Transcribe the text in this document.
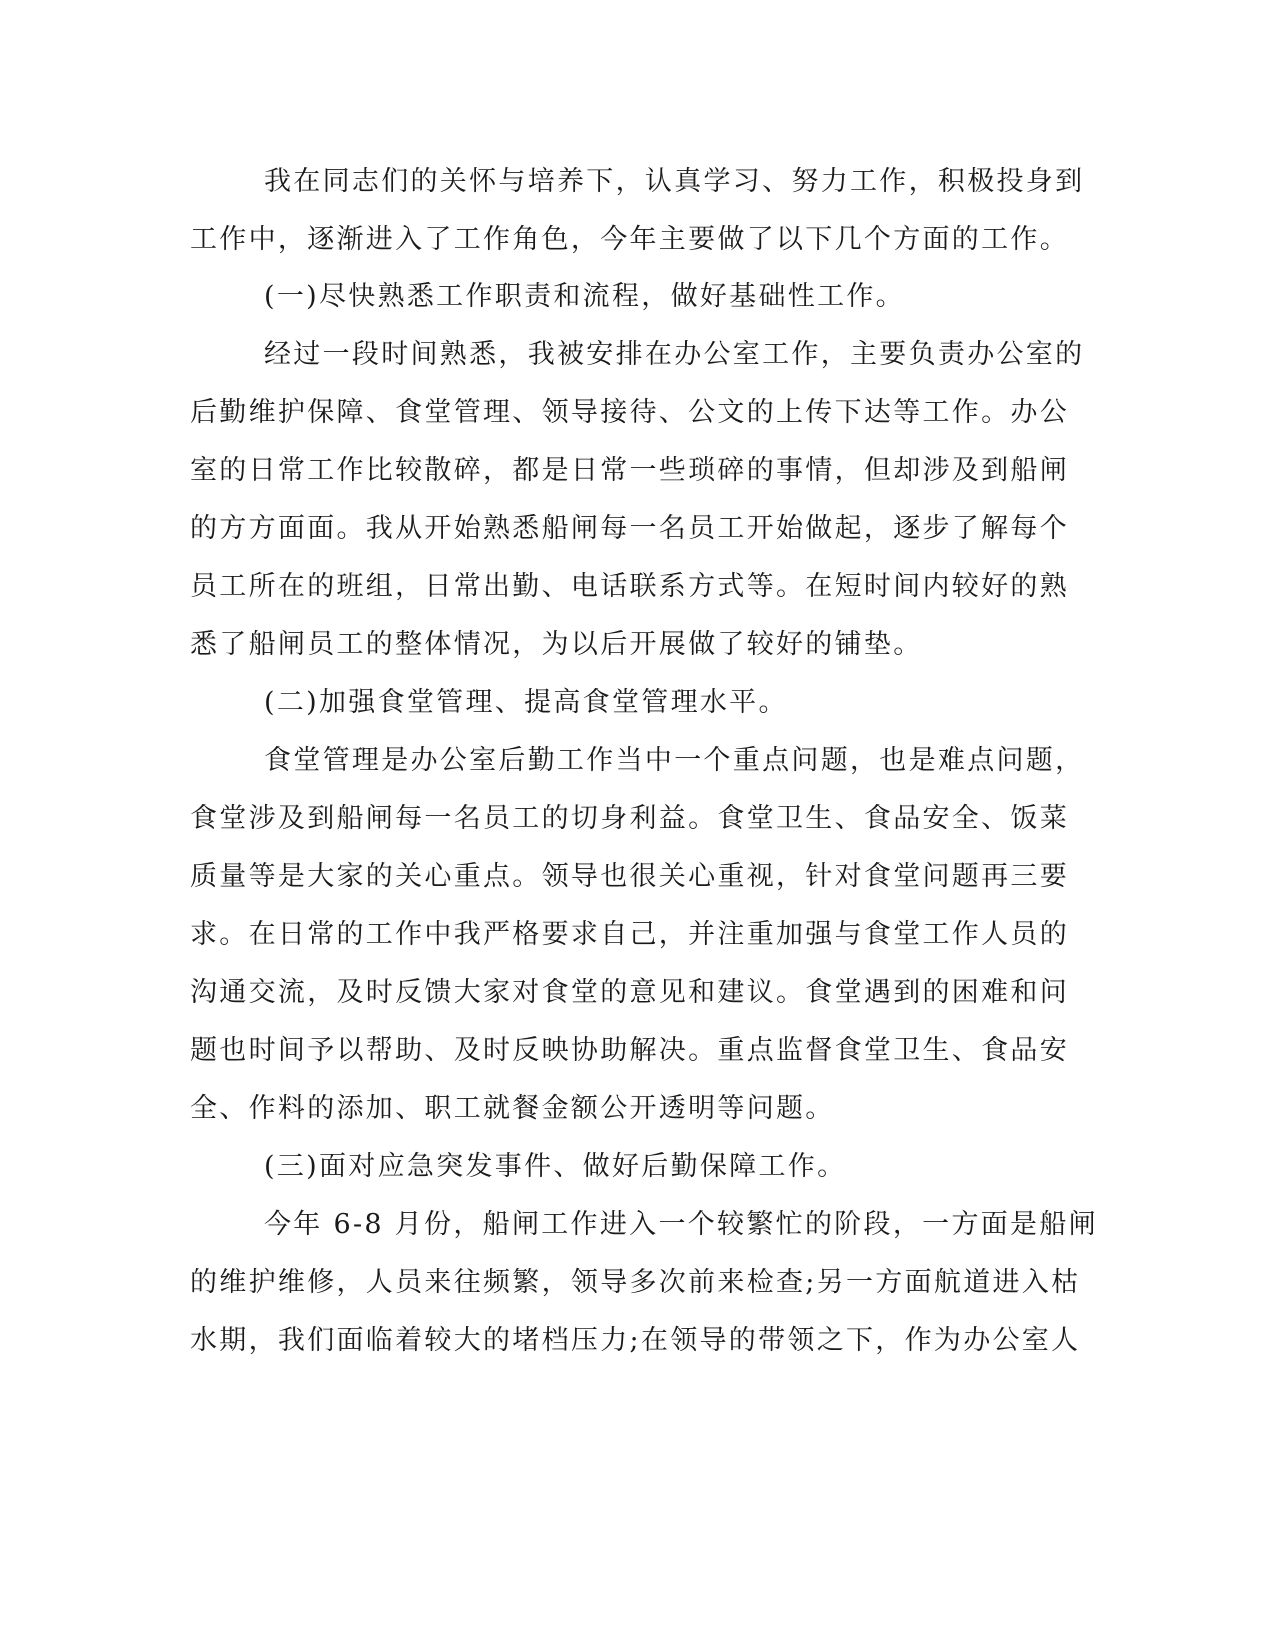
我在同志们的关怀与培养下，认真学习、努力工作，积极投身到
工作中，逐渐进入了工作角色，今年主要做了以下几个方面的工作。
(一)尽快熟悉工作职责和流程，做好基础性工作。
经过一段时间熟悉，我被安排在办公室工作，主要负责办公室的
后勤维护保障、食堂管理、领导接待、公文的上传下达等工作。办公
室的日常工作比较散碎，都是日常一些琐碎的事情，但却涉及到船闸
的方方面面。我从开始熟悉船闸每一名员工开始做起，逐步了解每个
员工所在的班组，日常出勤、电话联系方式等。在短时间内较好的熟
悉了船闸员工的整体情况，为以后开展做了较好的铺垫。
(二)加强食堂管理、提高食堂管理水平。
食堂管理是办公室后勤工作当中一个重点问题，也是难点问题，
食堂涉及到船闸每一名员工的切身利益。食堂卫生、食品安全、饭菜
质量等是大家的关心重点。领导也很关心重视，针对食堂问题再三要
求。在日常的工作中我严格要求自己，并注重加强与食堂工作人员的
沟通交流，及时反馈大家对食堂的意见和建议。食堂遇到的困难和问
题也时间予以帮助、及时反映协助解决。重点监督食堂卫生、食品安
全、作料的添加、职工就餐金额公开透明等问题。
(三)面对应急突发事件、做好后勤保障工作。
今年 6-8 月份，船闸工作进入一个较繁忙的阶段，一方面是船闸
的维护维修，人员来往频繁，领导多次前来检查;另一方面航道进入枯
水期，我们面临着较大的堵档压力;在领导的带领之下，作为办公室人
